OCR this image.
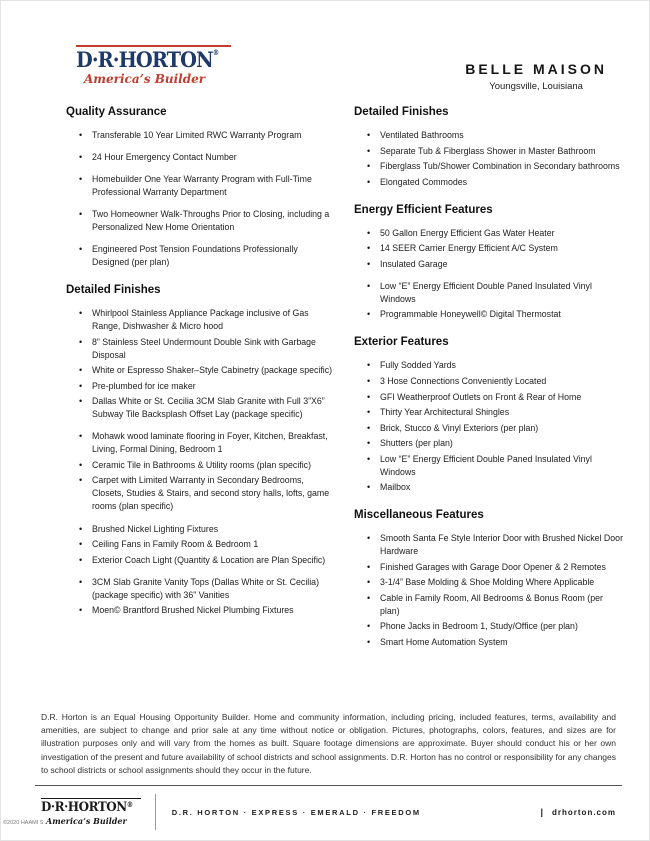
D·R·HORTON®
America’s Builder
BELLE MAISON
Youngsville, Louisiana
Quality Assurance
•	Transferable 10 Year Limited RWC Warranty Program
•	24 Hour Emergency Contact Number
•	Homebuilder One Year Warranty Program with Full-Time Professional Warranty Department
•	Two Homeowner Walk-Throughs Prior to Closing, including a Personalized New Home Orientation
•	Engineered Post Tension Foundations Professionally Designed (per plan)
Detailed Finishes
•	Whirlpool Stainless Appliance Package inclusive of Gas Range, Dishwasher & Micro hood
•	8” Stainless Steel Undermount Double Sink with Garbage Disposal
•	White or Espresso Shaker–Style Cabinetry (package specific)
•	Pre-plumbed for ice maker
•	Dallas White or St. Cecilia 3CM Slab Granite with Full 3”X6” Subway Tile Backsplash Offset Lay (package specific)
•	Mohawk wood laminate flooring in Foyer, Kitchen, Breakfast, Living, Formal Dining, Bedroom 1
•	Ceramic Tile in Bathrooms & Utility rooms (plan specific)
•	Carpet with Limited Warranty in Secondary Bedrooms, Closets, Studies & Stairs, and second story halls, lofts, game rooms (plan specific)
•	Brushed Nickel Lighting Fixtures
•	Ceiling Fans in Family Room & Bedroom 1
•	Exterior Coach Light (Quantity & Location are Plan Specific)
•	3CM Slab Granite Vanity Tops (Dallas White or St. Cecilia) (package specific) with 36” Vanities
•	Moen© Brantford Brushed Nickel Plumbing Fixtures
Detailed Finishes
•	Ventilated Bathrooms
•	Separate Tub & Fiberglass Shower in Master Bathroom
•	Fiberglass Tub/Shower Combination in Secondary bathrooms
•	Elongated Commodes
Energy Efficient Features
•	50 Gallon Energy Efficient Gas Water Heater
•	14 SEER Carrier Energy Efficient A/C System
•	Insulated Garage
•	Low “E” Energy Efficient Double Paned Insulated Vinyl Windows
•	Programmable Honeywell© Digital Thermostat
Exterior Features
•	Fully Sodded Yards
•	3 Hose Connections Conveniently Located
•	GFI Weatherproof Outlets on Front & Rear of Home
•	Thirty Year Architectural Shingles
•	Brick, Stucco & Vinyl Exteriors (per plan)
•	Shutters (per plan)
•	Low “E” Energy Efficient Double Paned Insulated Vinyl Windows
•	Mailbox
Miscellaneous Features
•	Smooth Santa Fe Style Interior Door with Brushed Nickel Door Hardware
•	Finished Garages with Garage Door Opener & 2 Remotes
•	3-1/4” Base Molding & Shoe Molding Where Applicable
•	Cable in Family Room, All Bedrooms & Bonus Room (per plan)
•	Phone Jacks in Bedroom 1, Study/Office (per plan)
•	Smart Home Automation System
D.R. Horton is an Equal Housing Opportunity Builder. Home and community information, including pricing, included features, terms, availability and amenities, are subject to change and prior sale at any time without notice or obligation. Pictures, photographs, colors, features, and sizes are for illustration purposes only and will vary from the homes as built. Square footage dimensions are approximate. Buyer should conduct his or her own investigation of the present and future availability of school districts and school assignments. D.R. Horton has no control or responsibility for any changes to school districts or school assignments should they occur in the future.
D·R·HORTON®
America’s Builder
D.R. HORTON · EXPRESS · EMERALD · FREEDOM	| drhorton.com
©2020 HAAMI S
